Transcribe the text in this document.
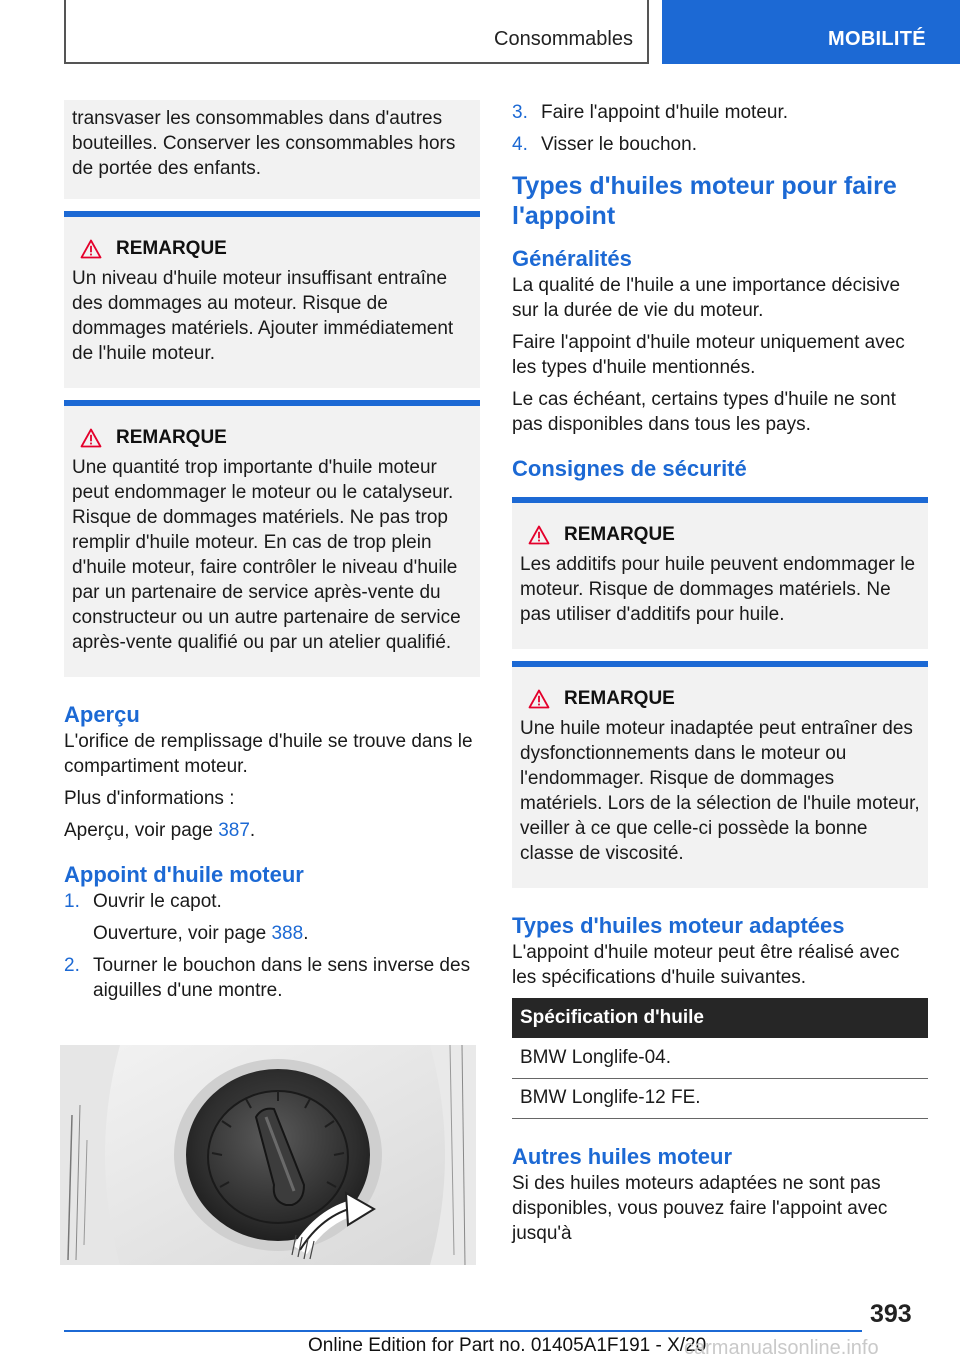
Consommables	MOBILITÉ
transvaser les consommables dans d'autres bouteilles. Conserver les consommables hors de portée des enfants.
REMARQUE
Un niveau d'huile moteur insuffisant entraîne des dommages au moteur. Risque de dommages matériels. Ajouter immédiatement de l'huile moteur.
REMARQUE
Une quantité trop importante d'huile moteur peut endommager le moteur ou le catalyseur. Risque de dommages matériels. Ne pas trop remplir d'huile moteur. En cas de trop plein d'huile moteur, faire contrôler le niveau d'huile par un partenaire de service après-vente du constructeur ou un autre partenaire de service après-vente qualifié ou par un atelier qualifié.
Aperçu

L'orifice de remplissage d'huile se trouve dans le compartiment moteur.

Plus d'informations :

Aperçu, voir page 387.

Appoint d'huile moteur
1. Ouvrir le capot.
Ouverture, voir page 388.
2. Tourner le bouchon dans le sens inverse des aiguilles d'une montre.
3. Faire l'appoint d'huile moteur.
4. Visser le bouchon.
Types d'huiles moteur pour faire l'appoint
Généralités

La qualité de l'huile a une importance décisive sur la durée de vie du moteur.

Faire l'appoint d'huile moteur uniquement avec les types d'huile mentionnés.

Le cas échéant, certains types d'huile ne sont pas disponibles dans tous les pays.

Consignes de sécurité
REMARQUE
Les additifs pour huile peuvent endommager le moteur. Risque de dommages matériels. Ne pas utiliser d'additifs pour huile.
REMARQUE
Une huile moteur inadaptée peut entraîner des dysfonctionnements dans le moteur ou l'endommager. Risque de dommages matériels. Lors de la sélection de l'huile moteur, veiller à ce que celle-ci possède la bonne classe de viscosité.
Types d'huiles moteur adaptées

L'appoint d'huile moteur peut être réalisé avec les spécifications d'huile suivantes.

Spécification d'huile
BMW Longlife-04.
BMW Longlife-12 FE.
Autres huiles moteur

Si des huiles moteurs adaptées ne sont pas disponibles, vous pouvez faire l'appoint avec jusqu'à

393
Online Edition for Part no. 01405A1F191 - X/20
carmanualsonline.info
